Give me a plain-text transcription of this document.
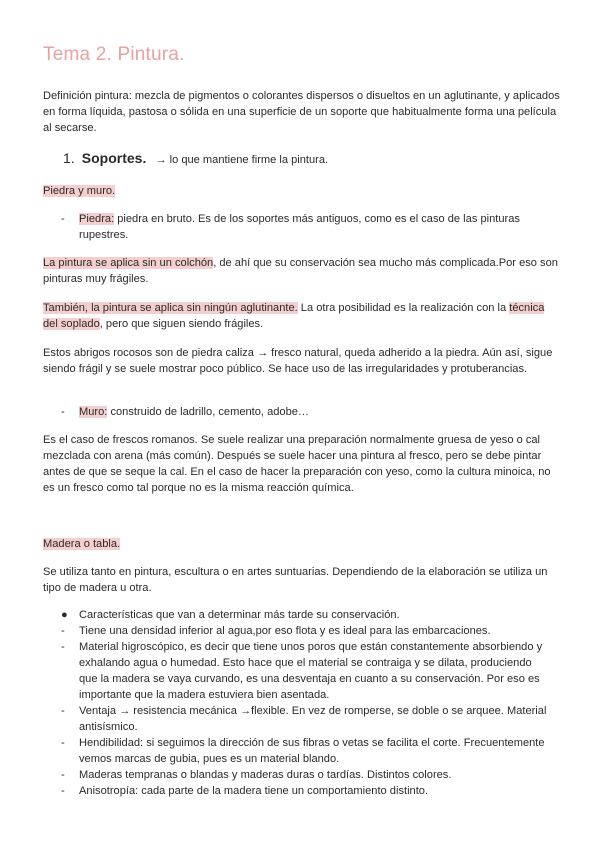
Tema 2. Pintura.

Definición pintura: mezcla de pigmentos o colorantes dispersos o disueltos en un aglutinante, y aplicados en forma líquida, pastosa o sólida en una superficie de un soporte que habitualmente forma una película al secarse.

1. Soportes. → lo que mantiene firme la pintura.
Piedra y muro.
-	Piedra: piedra en bruto. Es de los soportes más antiguos, como es el caso de las pinturas rupestres.

La pintura se aplica sin un colchón, de ahí que su conservación sea mucho más complicada.Por eso son pinturas muy frágiles.

También, la pintura se aplica sin ningún aglutinante. La otra posibilidad es la realización con la técnica del soplado, pero que siguen siendo frágiles.

Estos abrigos rocosos son de piedra caliza → fresco natural, queda adherido a la piedra. Aún así, sigue siendo frágil y se suele mostrar poco público. Se hace uso de las irregularidades y protuberancias.

-	Muro: construido de ladrillo, cemento, adobe…

Es el caso de frescos romanos. Se suele realizar una preparación normalmente gruesa de yeso o cal mezclada con arena (más común). Después se suele hacer una pintura al fresco, pero se debe pintar antes de que se seque la cal. En el caso de hacer la preparación con yeso, como la cultura minoica, no es un fresco como tal porque no es la misma reacción química.

Madera o tabla.

Se utiliza tanto en pintura, escultura o en artes suntuarias. Dependiendo de la elaboración se utiliza un tipo de madera u otra.

●	Características que van a determinar más tarde su conservación.
-	Tiene una densidad inferior al agua,por eso flota y es ideal para las embarcaciones.
-	Material higroscópico, es decir que tiene unos poros que están constantemente absorbiendo y exhalando agua o humedad. Esto hace que el material se contraiga y se dilata, produciendo que la madera se vaya curvando, es una desventaja en cuanto a su conservación. Por eso es importante que la madera estuviera bien asentada.
-	Ventaja → resistencia mecánica →flexible. En vez de romperse, se doble o se arquee. Material antisísmico.
-	Hendibilidad: si seguimos la dirección de sus fibras o vetas se facilita el corte. Frecuentemente vemos marcas de gubia, pues es un material blando.
-	Maderas tempranas o blandas y maderas duras o tardías. Distintos colores.
-	Anisotropía: cada parte de la madera tiene un comportamiento distinto.
